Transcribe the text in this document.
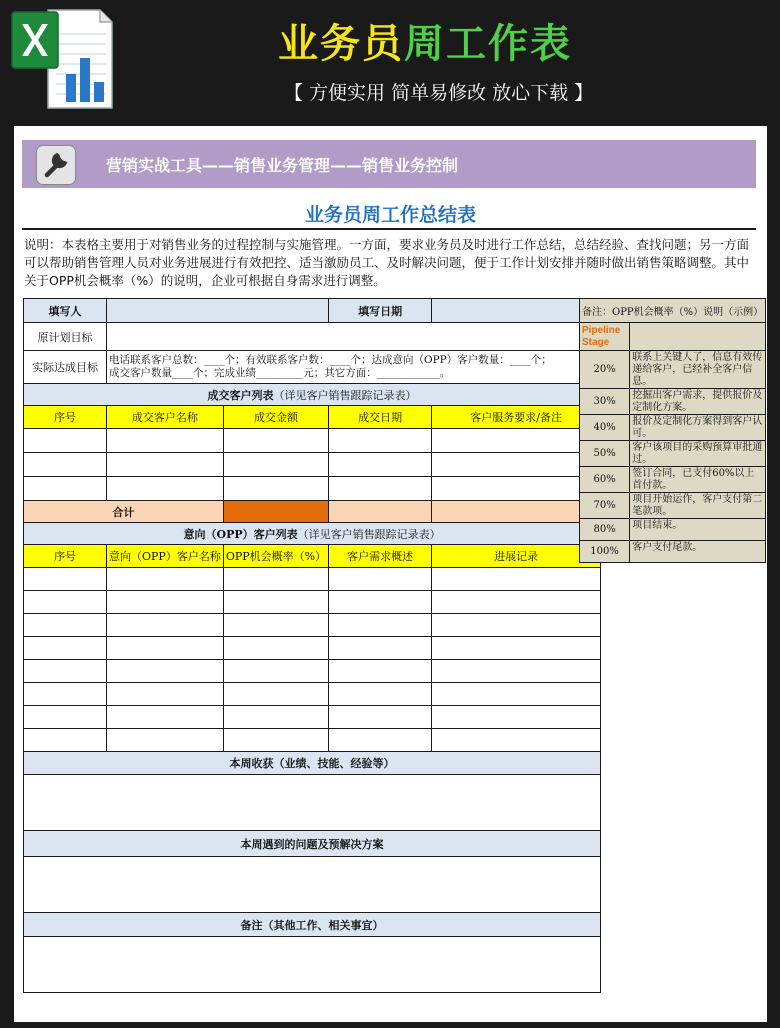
业务员周工作表
【 方便实用 简单易修改 放心下载 】
营销实战工具——销售业务管理——销售业务控制
业务员周工作总结表
说明：本表格主要用于对销售业务的过程控制与实施管理。一方面，要求业务员及时进行工作总结，总结经验、查找问题；另一方面可以帮助销售管理人员对业务进展进行有效把控、适当激励员工、及时解决问题，便于工作计划安排并随时做出销售策略调整。其中关于OPP机会概率（%）的说明，企业可根据自身需求进行调整。
填写人			填写日期	
原计划目标				
实际达成目标	电话联系客户总数：____个；有效联系客户数：____个；达成意向（OPP）客户数量：____个；
成交客户数量____个；完成业绩_________元；其它方面：____________。			
成交客户列表（详见客户销售跟踪记录表）				
序号	成交客户名称	成交金额	成交日期	客户服务要求/备注

合计				
意向（OPP）客户列表（详见客户销售跟踪记录表）				
序号	意向（OPP）客户名称	OPP机会概率（%）	客户需求概述	进展记录

本周收获（业绩、技能、经验等）				

本周遇到的问题及预解决方案				

备注（其他工作、相关事宜）				

备注：OPP机会概率（%）说明（示例）	
Pipeline Stage	
20%	联系上关键人了，信息有效传递给客户，已经补全客户信息。
30%	挖掘出客户需求，提供报价及定制化方案。
40%	报价及定制化方案得到客户认可。
50%	客户该项目的采购预算审批通过。
60%	签订合同，已支付60%以上首付款。
70%	项目开始运作，客户支付第二笔款项。
80%	项目结束。
100%	客户支付尾款。
